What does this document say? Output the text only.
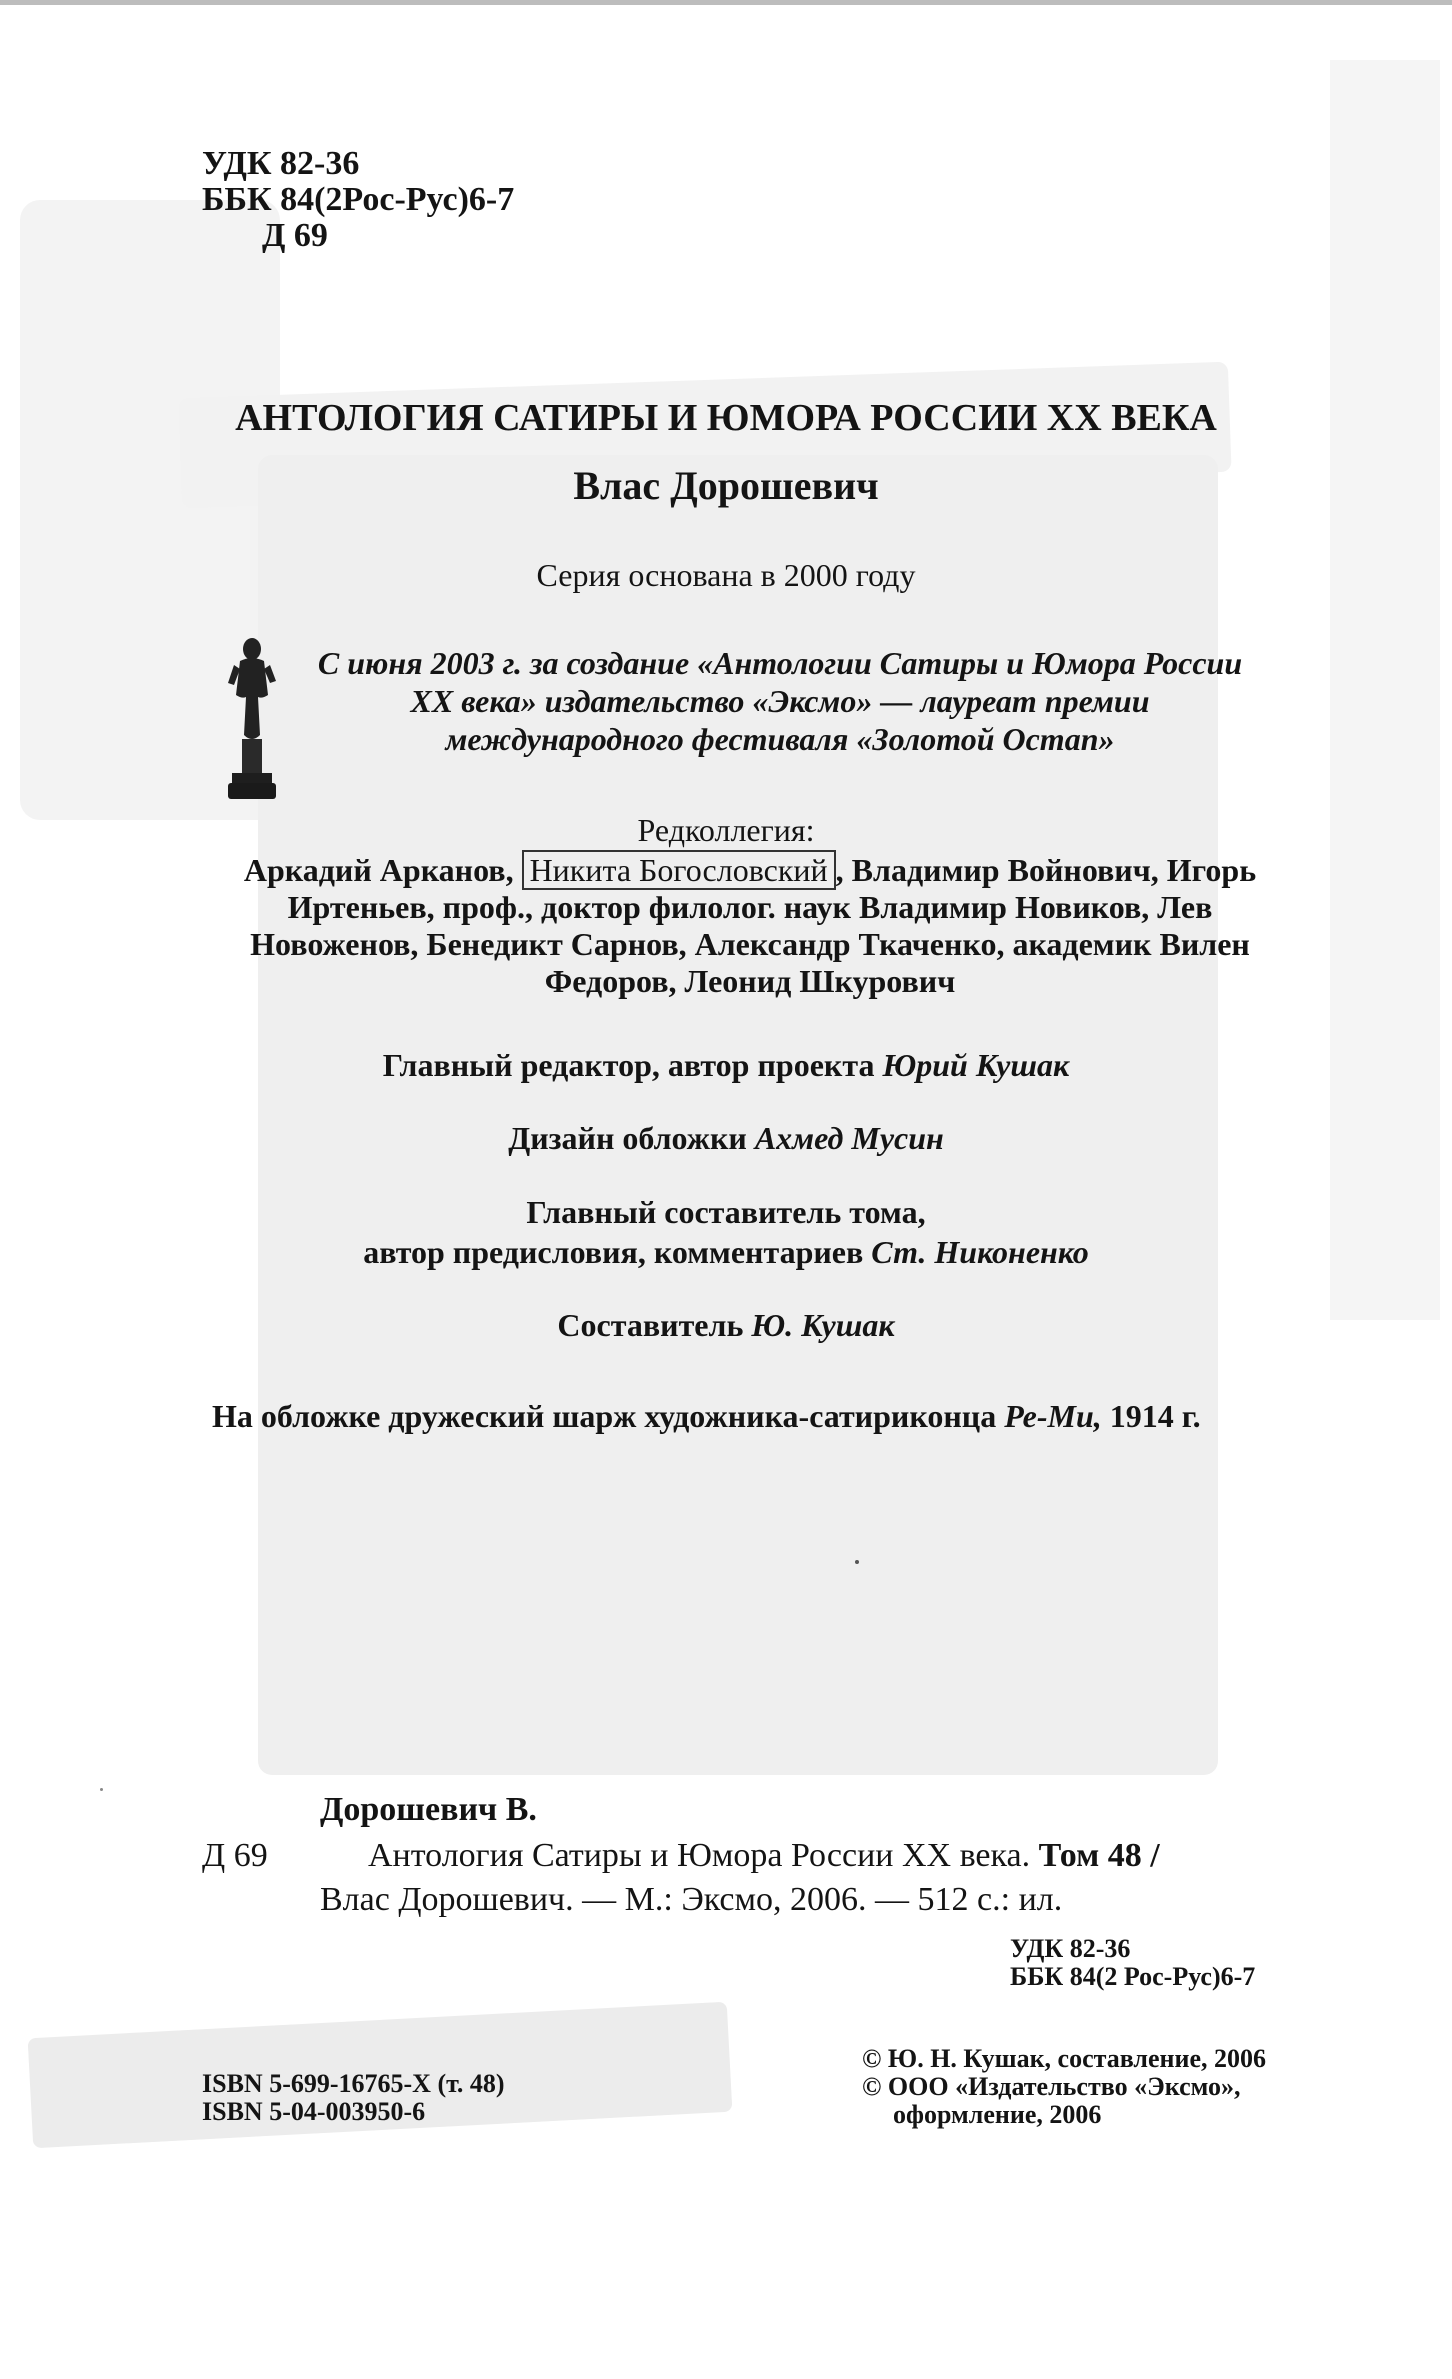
УДК 82-36
ББК 84(2Рос-Рус)6-7
Д 69
АНТОЛОГИЯ САТИРЫ И ЮМОРА РОССИИ XX ВЕКА
Влас Дорошевич
Серия основана в 2000 году
С июня 2003 г. за создание «Антологии Сатиры и Юмора России XX века» издательство «Эксмо» — лауреат премии международного фестиваля «Золотой Остап»
Редколлегия:
Аркадий Арканов, Никита Богословский , Владимир Войнович, Игорь Иртеньев, проф., доктор филолог. наук Владимир Новиков, Лев Новоженов, Бенедикт Сарнов, Александр Ткаченко, академик Вилен Федоров, Леонид Шкурович
Главный редактор, автор проекта Юрий Кушак
Дизайн обложки Ахмед Мусин
Главный составитель тома,
автор предисловия, комментариев Ст. Никоненко
Составитель Ю. Кушак
На обложке дружеский шарж художника-сатириконца Ре-Ми, 1914 г.
Дорошевич В.
Д 69	Антология Сатиры и Юмора России XX века. Том 48 /
Влас Дорошевич. — М.: Эксмо, 2006. — 512 с.: ил.
УДК 82-36
ББК 84(2 Рос-Рус)6-7
ISBN 5-699-16765-X (т. 48)
ISBN 5-04-003950-6
© Ю. Н. Кушак, составление, 2006
© ООО «Издательство «Эксмо»,
оформление, 2006
